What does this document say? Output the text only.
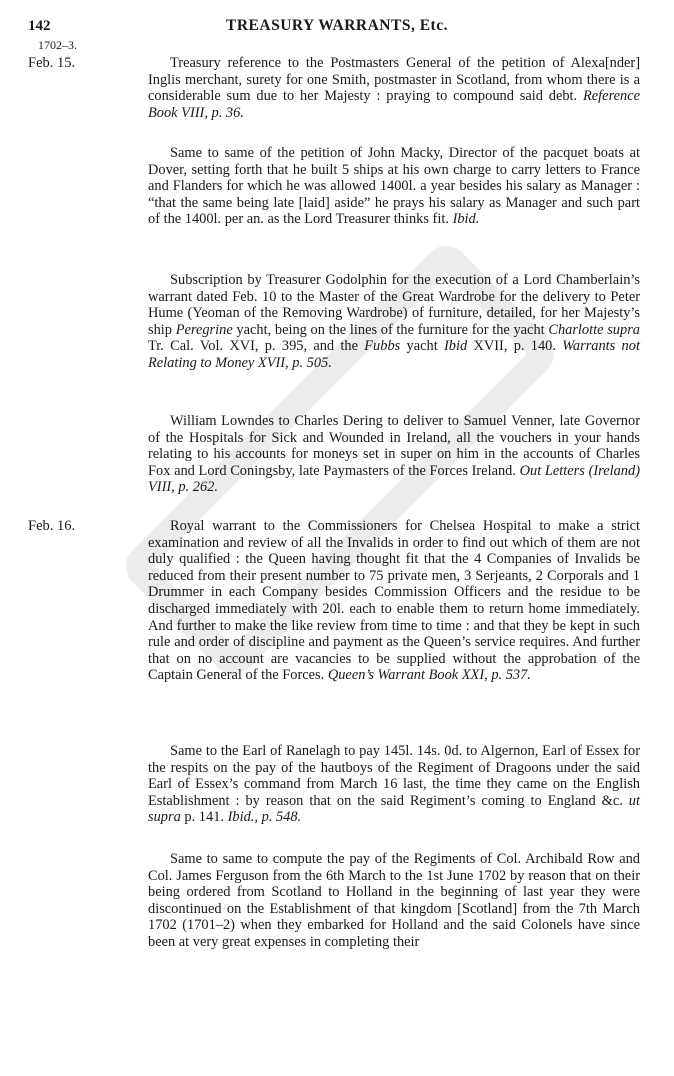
142	TREASURY WARRANTS, Etc.
1702–3.
Feb. 15.
Feb. 16.

Treasury reference to the Postmasters General of the petition of Alexa[nder] Inglis merchant, surety for one Smith, postmaster in Scotland, from whom there is a considerable sum due to her Majesty : praying to compound said debt. Reference Book VIII, p. 36.

Same to same of the petition of John Macky, Director of the pacquet boats at Dover, setting forth that he built 5 ships at his own charge to carry letters to France and Flanders for which he was allowed 1400l. a year besides his salary as Manager : “that the same being late [laid] aside” he prays his salary as Manager and such part of the 1400l. per an. as the Lord Treasurer thinks fit. Ibid.

Subscription by Treasurer Godolphin for the execution of a Lord Chamberlain’s warrant dated Feb. 10 to the Master of the Great Wardrobe for the delivery to Peter Hume (Yeoman of the Removing Wardrobe) of furniture, detailed, for her Majesty’s ship Peregrine yacht, being on the lines of the furniture for the yacht Charlotte supra Tr. Cal. Vol. XVI, p. 395, and the Fubbs yacht Ibid XVII, p. 140. Warrants not Relating to Money XVII, p. 505.

William Lowndes to Charles Dering to deliver to Samuel Venner, late Governor of the Hospitals for Sick and Wounded in Ireland, all the vouchers in your hands relating to his accounts for moneys set in super on him in the accounts of Charles Fox and Lord Coningsby, late Paymasters of the Forces Ireland. Out Letters (Ireland) VIII, p. 262.

Royal warrant to the Commissioners for Chelsea Hospital to make a strict examination and review of all the Invalids in order to find out which of them are not duly qualified : the Queen having thought fit that the 4 Companies of Invalids be reduced from their present number to 75 private men, 3 Serjeants, 2 Corporals and 1 Drummer in each Company besides Commission Officers and the residue to be discharged immediately with 20l. each to enable them to return home immediately. And further to make the like review from time to time : and that they be kept in such rule and order of discipline and payment as the Queen’s service requires. And further that on no account are vacancies to be supplied without the approbation of the Captain General of the Forces. Queen’s Warrant Book XXI, p. 537.

Same to the Earl of Ranelagh to pay 145l. 14s. 0d. to Algernon, Earl of Essex for the respits on the pay of the hautboys of the Regiment of Dragoons under the said Earl of Essex’s command from March 16 last, the time they came on the English Establishment : by reason that on the said Regiment’s coming to England &c. ut supra p. 141. Ibid., p. 548.

Same to same to compute the pay of the Regiments of Col. Archibald Row and Col. James Ferguson from the 6th March to the 1st June 1702 by reason that on their being ordered from Scotland to Holland in the beginning of last year they were discontinued on the Establishment of that kingdom [Scotland] from the 7th March 1702 (1701–2) when they embarked for Holland and the said Colonels have since been at very great expenses in completing their
